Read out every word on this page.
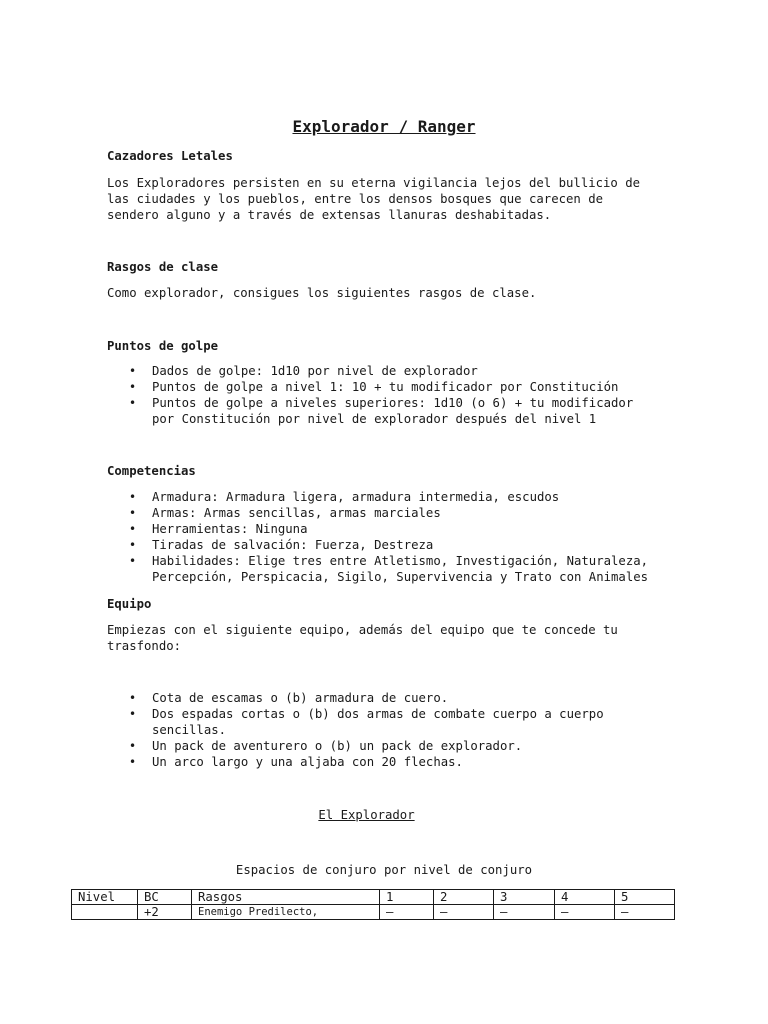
Explorador / Ranger

Cazadores Letales

Los Exploradores persisten en su eterna vigilancia lejos del bullicio de
las ciudades y los pueblos, entre los densos bosques que carecen de
sendero alguno y a través de extensas llanuras deshabitadas.

Rasgos de clase

Como explorador, consigues los siguientes rasgos de clase.

Puntos de golpe

• Dados de golpe: 1d10 por nivel de explorador
• Puntos de golpe a nivel 1: 10 + tu modificador por Constitución
• Puntos de golpe a niveles superiores: 1d10 (o 6) + tu modificador
por Constitución por nivel de explorador después del nivel 1

Competencias

• Armadura: Armadura ligera, armadura intermedia, escudos
• Armas: Armas sencillas, armas marciales
• Herramientas: Ninguna
• Tiradas de salvación: Fuerza, Destreza
• Habilidades: Elige tres entre Atletismo, Investigación, Naturaleza,
Percepción, Perspicacia, Sigilo, Supervivencia y Trato con Animales

Equipo

Empiezas con el siguiente equipo, además del equipo que te concede tu
trasfondo:
• Cota de escamas o (b) armadura de cuero.
• Dos espadas cortas o (b) dos armas de combate cuerpo a cuerpo
sencillas.
• Un pack de aventurero o (b) un pack de explorador.
• Un arco largo y una aljaba con 20 flechas.
El Explorador
Espacios de conjuro por nivel de conjuro
Nivel	BC	Rasgos	1	2	3	4	5
	+2	Enemigo Predilecto,	–	–	–	–	–
